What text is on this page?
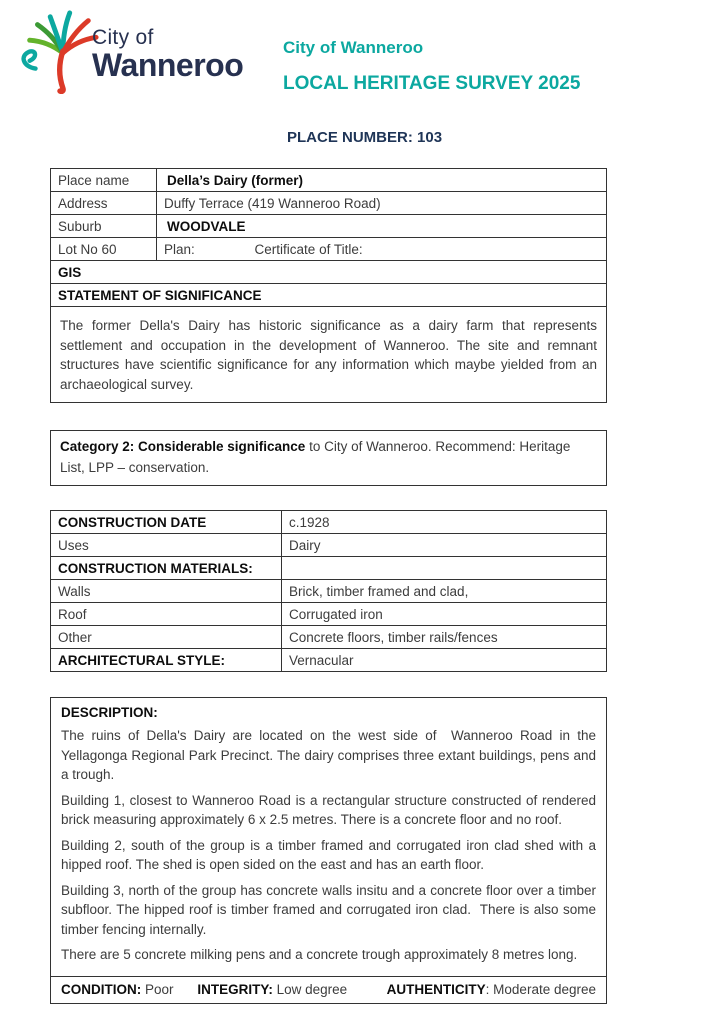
City of
Wanneroo City of Wanneroo
LOCAL HERITAGE SURVEY 2025
PLACE NUMBER: 103
Place name	Della’s Dairy (former)
Address	Duffy Terrace (419 Wanneroo Road)
Suburb	WOODVALE
Lot No 60	Plan: Certificate of Title:
GIS	
STATEMENT OF SIGNIFICANCE	

The former Della's Dairy has historic significance as a dairy farm that represents settlement and occupation in the development of Wanneroo. The site and remnant structures have scientific significance for any information which maybe yielded from an archaeological survey.	
Category 2: Considerable significance to City of Wanneroo. Recommend: Heritage List, LPP – conservation.
CONSTRUCTION DATE	c.1928
Uses	Dairy
CONSTRUCTION MATERIALS:	
Walls	Brick, timber framed and clad,
Roof	Corrugated iron
Other	Concrete floors, timber rails/fences
ARCHITECTURAL STYLE:	Vernacular
DESCRIPTION:

The ruins of Della's Dairy are located on the west side of  Wanneroo Road in the Yellagonga Regional Park Precinct. The dairy comprises three extant buildings, pens and a trough.

Building 1, closest to Wanneroo Road is a rectangular structure constructed of rendered brick measuring approximately 6 x 2.5 metres. There is a concrete floor and no roof.

Building 2, south of the group is a timber framed and corrugated iron clad shed with a hipped roof. The shed is open sided on the east and has an earth floor.

Building 3, north of the group has concrete walls insitu and a concrete floor over a timber subfloor. The hipped roof is timber framed and corrugated iron clad.  There is also some timber fencing internally.

There are 5 concrete milking pens and a concrete trough approximately 8 metres long.

CONDITION: Poor	INTEGRITY: Low degree	AUTHENTICITY: Moderate degree
